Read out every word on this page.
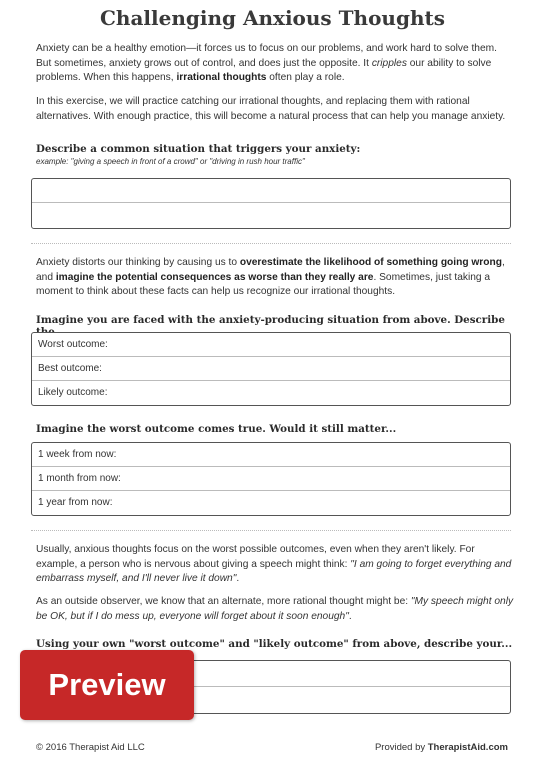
Challenging Anxious Thoughts
Anxiety can be a healthy emotion—it forces us to focus on our problems, and work hard to solve them. But sometimes, anxiety grows out of control, and does just the opposite. It cripples our ability to solve problems. When this happens, irrational thoughts often play a role.
In this exercise, we will practice catching our irrational thoughts, and replacing them with rational alternatives. With enough practice, this will become a natural process that can help you manage anxiety.
Describe a common situation that triggers your anxiety:
example: "giving a speech in front of a crowd" or "driving in rush hour traffic"
Anxiety distorts our thinking by causing us to overestimate the likelihood of something going wrong, and imagine the potential consequences as worse than they really are. Sometimes, just taking a moment to think about these facts can help us recognize our irrational thoughts.
Imagine you are faced with the anxiety-producing situation from above. Describe
Worst outcome:
Best outcome:
Likely outcome:
Imagine the worst outcome comes true. Would it still matter...
1 week from now:
1 month from now:
1 year from now:
Usually, anxious thoughts focus on the worst possible outcomes, even when they aren't likely. For example, a person who is nervous about giving a speech might think: "I am going to forget everything and embarrass myself, and I'll never live it down".
As an outside observer, we know that an alternate, more rational thought might be: "My speech might only be OK, but if I do mess up, everyone will forget about it soon enough".
Using your own "worst outcome" and "likely outcome" from above, describe your...
Preview
© 2016 Therapist Aid LLC	Provided by TherapistAid.com
